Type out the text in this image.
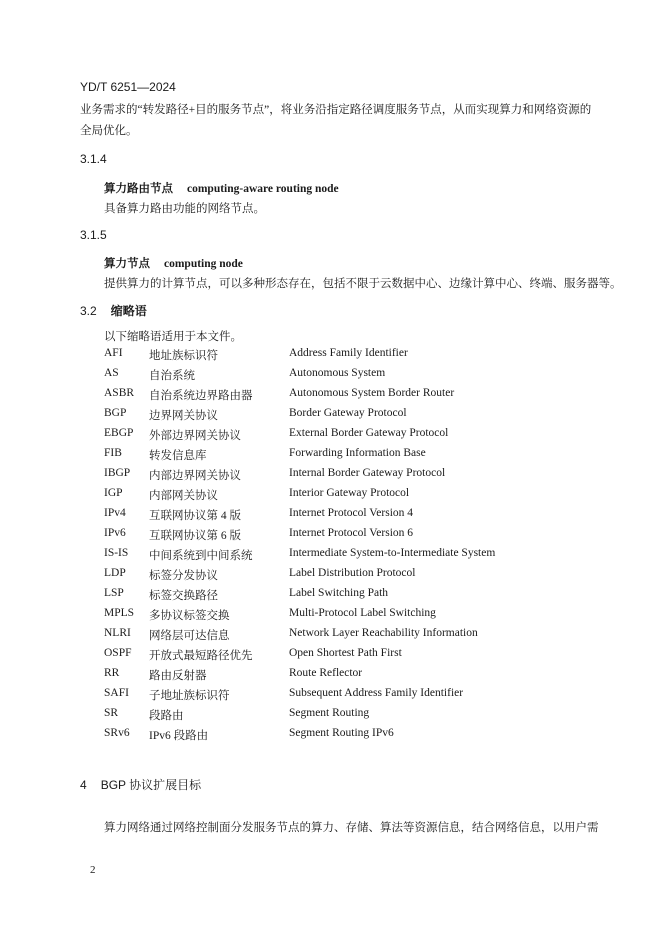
YD/T 6251—2024
业务需求的“转发路径+目的服务节点”，将业务沿指定路径调度服务节点，从而实现算力和网络资源的全局优化。
3.1.4
算力路由节点 computing-aware routing node
具备算力路由功能的网络节点。
3.1.5
算力节点 computing node
提供算力的计算节点，可以多种形态存在，包括不限于云数据中心、边缘计算中心、终端、服务器等。
3.2 缩略语
以下缩略语适用于本文件。
AFI 地址族标识符	Address Family Identifier
AS	自治系统	Autonomous System
ASBR 自治系统边界路由器	Autonomous System Border Router
BGP 边界网关协议	Border Gateway Protocol
EBGP 外部边界网关协议	External Border Gateway Protocol
FIB 转发信息库	Forwarding Information Base
IBGP 内部边界网关协议	Internal Border Gateway Protocol
IGP 内部网关协议	Interior Gateway Protocol
IPv4 互联网协议第 4 版	Internet Protocol Version 4
IPv6 互联网协议第 6 版	Internet Protocol Version 6
IS-IS 中间系统到中间系统	Intermediate System-to-Intermediate System
LDP 标签分发协议	Label Distribution Protocol
LSP 标签交换路径	Label Switching Path
MPLS 多协议标签交换	Multi-Protocol Label Switching
NLRI 网络层可达信息	Network Layer Reachability Information
OSPF 开放式最短路径优先	Open Shortest Path First
RR	路由反射器	Route Reflector
SAFI 子地址族标识符	Subsequent Address Family Identifier
SR	段路由	Segment Routing
SRv6 IPv6 段路由	Segment Routing IPv6
4 BGP 协议扩展目标
算力网络通过网络控制面分发服务节点的算力、存储、算法等资源信息，结合网络信息，以用户需
2
